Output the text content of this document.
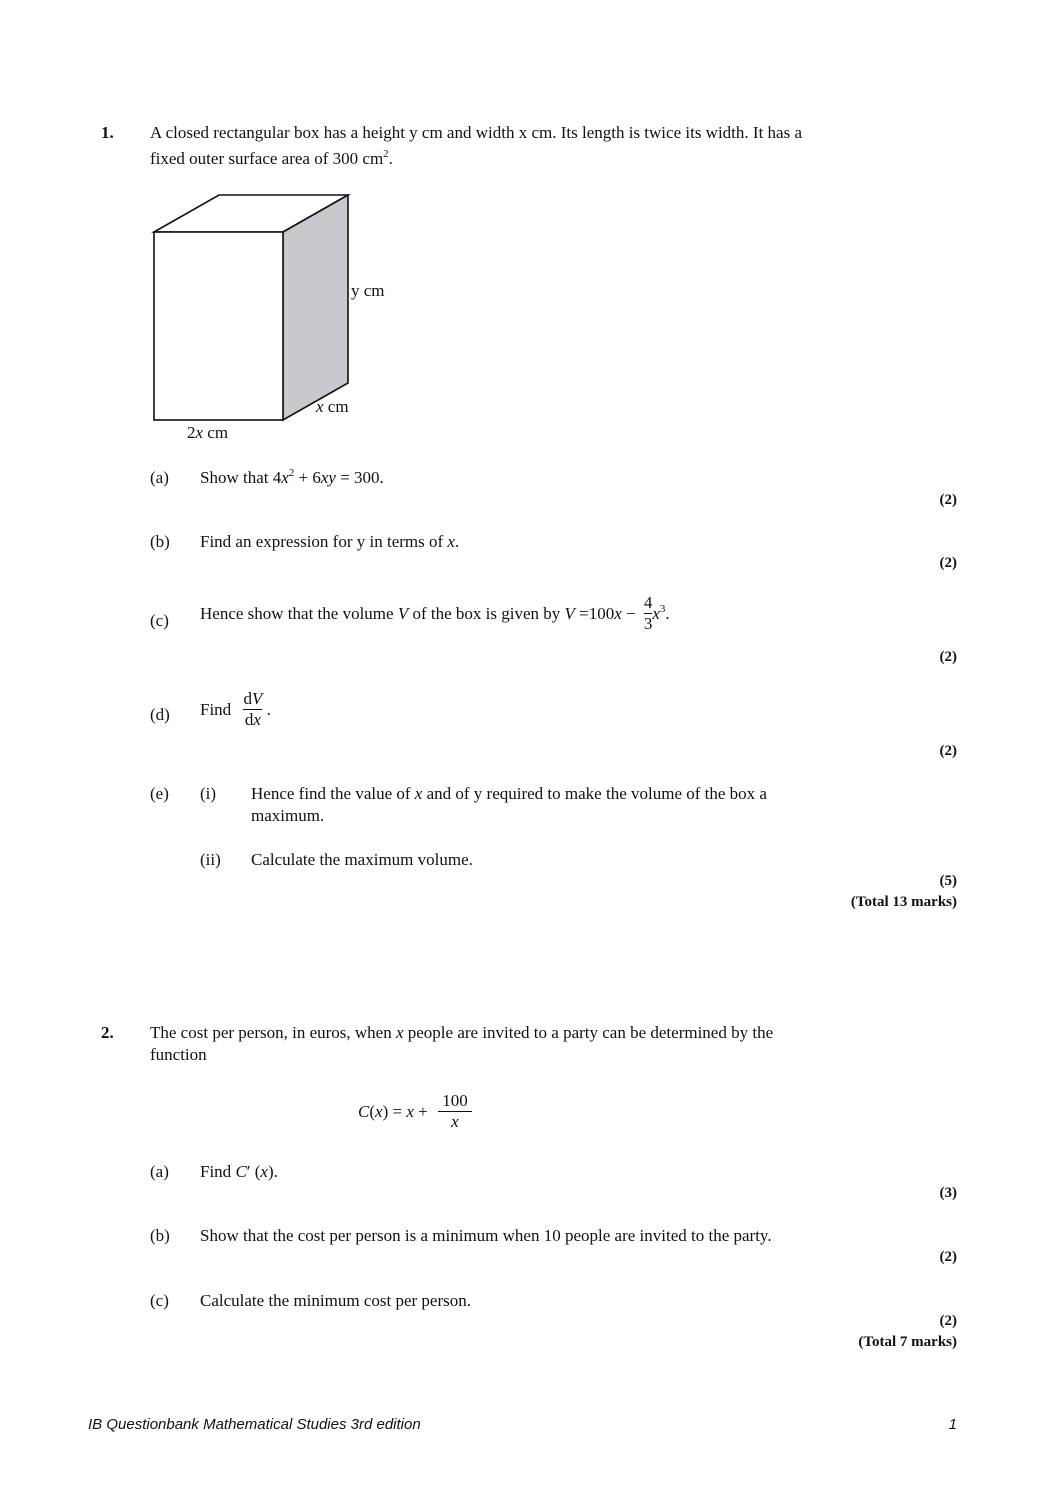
1. A closed rectangular box has a height y cm and width x cm. Its length is twice its width. It has a
fixed outer surface area of 300 $cm^2$.
y cm
x cm
2x cm
(a) Show that $4x^2 + 6xy = 300$.
(2)
(b) Find an expression for y in terms of x.
(2)
(c) Hence show that the volume V of the box is given by $V =100x - \frac{4}{3} x^3$.
(2)
(d) Find $\frac{dV}{dx}$ .
(2)
(e) (i) Hence find the value of x and of y required to make the volume of the box a
maximum.
(ii) Calculate the maximum volume.
(5)
(Total 13 marks)
2. The cost per person, in euros, when x people are invited to a party can be determined by the
function
$C(x) = x + \frac{100}{x}$
(a) Find C′ (x).
(3)
(b) Show that the cost per person is a minimum when 10 people are invited to the party.
(2)
(c) Calculate the minimum cost per person.
(2)
(Total 7 marks)
IB Questionbank Mathematical Studies 3rd edition	1
